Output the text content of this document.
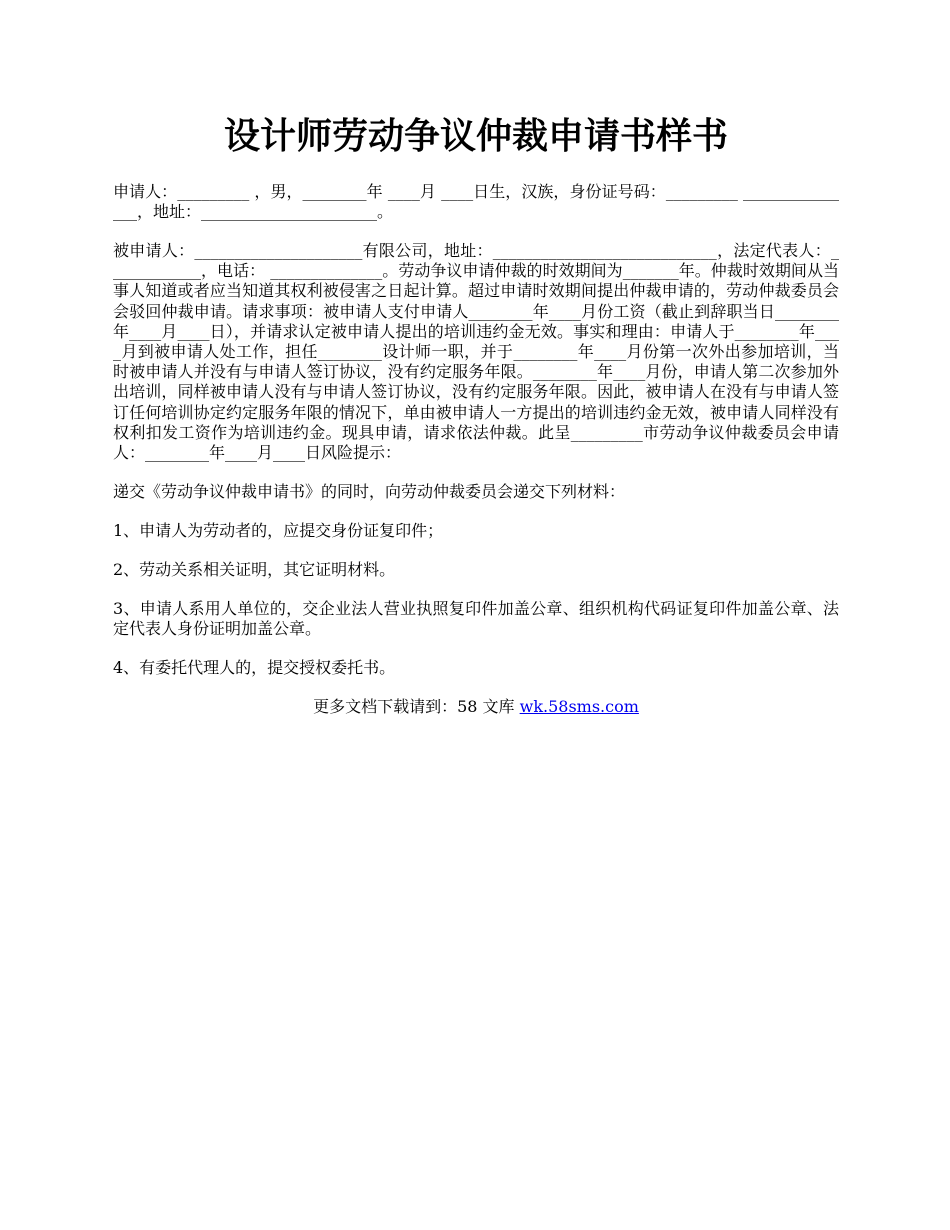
设计师劳动争议仲裁申请书样书

申请人：_________ ，男，________年 ____月 ____日生，汉族，身份证号码：_________ _______________，地址：______________________。

被申请人：_____________________有限公司，地址：____________________________，法定代表人：____________，电话： ______________。劳动争议申请仲裁的时效期间为_______年。仲裁时效期间从当事人知道或者应当知道其权利被侵害之日起计算。超过申请时效期间提出仲裁申请的，劳动仲裁委员会会驳回仲裁申请。请求事项：被申请人支付申请人________年____月份工资（截止到辞职当日________年____月____日），并请求认定被申请人提出的培训违约金无效。事实和理由：申请人于________年____月到被申请人处工作，担任________设计师一职，并于________年____月份第一次外出参加培训，当时被申请人并没有与申请人签订协议，没有约定服务年限。________年____月份，申请人第二次参加外出培训，同样被申请人没有与申请人签订协议，没有约定服务年限。因此，被申请人在没有与申请人签订任何培训协定约定服务年限的情况下，单由被申请人一方提出的培训违约金无效，被申请人同样没有权利扣发工资作为培训违约金。现具申请，请求依法仲裁。此呈_________市劳动争议仲裁委员会申请人：________年____月____日风险提示：

递交《劳动争议仲裁申请书》的同时，向劳动仲裁委员会递交下列材料：

1、申请人为劳动者的，应提交身份证复印件；

2、劳动关系相关证明，其它证明材料。

3、申请人系用人单位的，交企业法人营业执照复印件加盖公章、组织机构代码证复印件加盖公章、法定代表人身份证明加盖公章。

4、有委托代理人的，提交授权委托书。

更多文档下载请到：58 文库 wk.58sms.com
